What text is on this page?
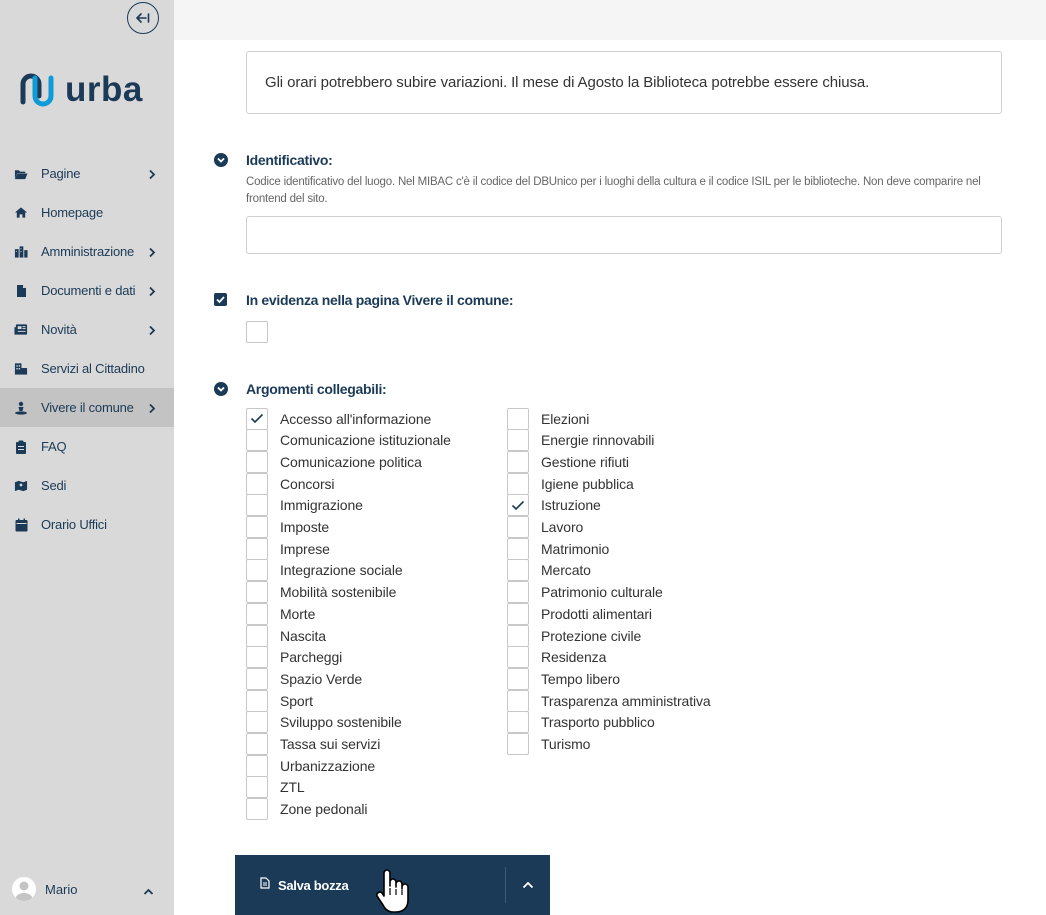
urba
Pagine
Homepage
Amministrazione
Documenti e dati
Novità
Servizi al Cittadino
Vivere il comune
FAQ
Sedi
Orario Uffici
Mario
Gli orari potrebbero subire variazioni. Il mese di Agosto la Biblioteca potrebbe essere chiusa.
Identificativo:

Codice identificativo del luogo. Nel MIBAC c'è il codice del DBUnico per i luoghi della cultura e il codice ISIL per le biblioteche. Non deve comparire nel frontend del sito.

In evidenza nella pagina Vivere il comune:
Argomenti collegabili:
Salva bozza
Accesso all'informazione
Comunicazione istituzionale
Comunicazione politica
Concorsi
Immigrazione
Imposte
Imprese
Integrazione sociale
Mobilità sostenibile
Morte
Nascita
Parcheggi
Spazio Verde
Sport
Sviluppo sostenibile
Tassa sui servizi
Urbanizzazione
ZTL
Zone pedonali
Elezioni
Energie rinnovabili
Gestione rifiuti
Igiene pubblica
Istruzione
Lavoro
Matrimonio
Mercato
Patrimonio culturale
Prodotti alimentari
Protezione civile
Residenza
Tempo libero
Trasparenza amministrativa
Trasporto pubblico
Turismo
